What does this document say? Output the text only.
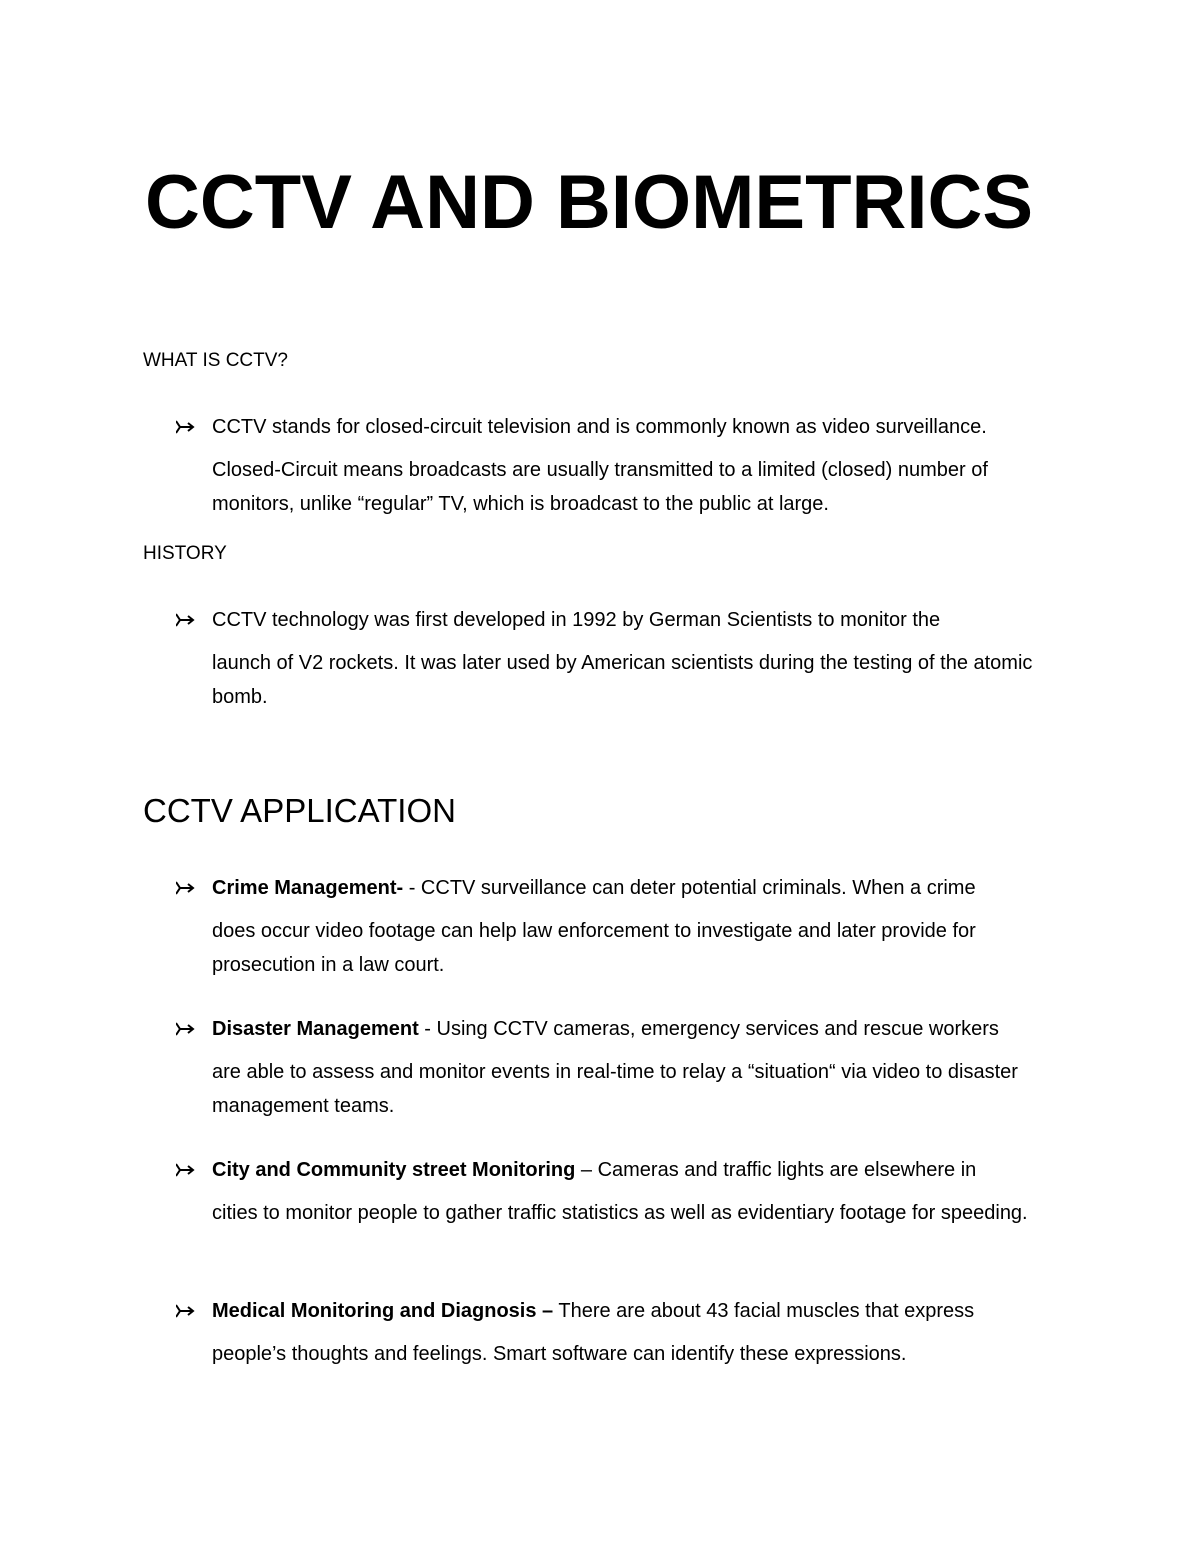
CCTV AND BIOMETRICS
WHAT IS CCTV?
CCTV stands for closed-circuit television and is commonly known as video surveillance.
Closed-Circuit means broadcasts are usually transmitted to a limited (closed) number of monitors, unlike “regular” TV, which is broadcast to the public at large.
HISTORY
CCTV technology was first developed in 1992 by German Scientists to monitor the
launch of V2 rockets. It was later used by American scientists during the testing of the atomic bomb.
CCTV APPLICATION
Crime Management- - CCTV surveillance can deter potential criminals. When a crime
does occur video footage can help law enforcement to investigate and later provide for prosecution in a law court.
Disaster Management - Using CCTV cameras, emergency services and rescue workers
are able to assess and monitor events in real-time to relay a “situation“ via video to disaster management teams.
City and Community street Monitoring – Cameras and traffic lights are elsewhere in
cities to monitor people to gather traffic statistics as well as evidentiary footage for speeding.
Medical Monitoring and Diagnosis – There are about 43 facial muscles that express
people’s thoughts and feelings. Smart software can identify these expressions.
